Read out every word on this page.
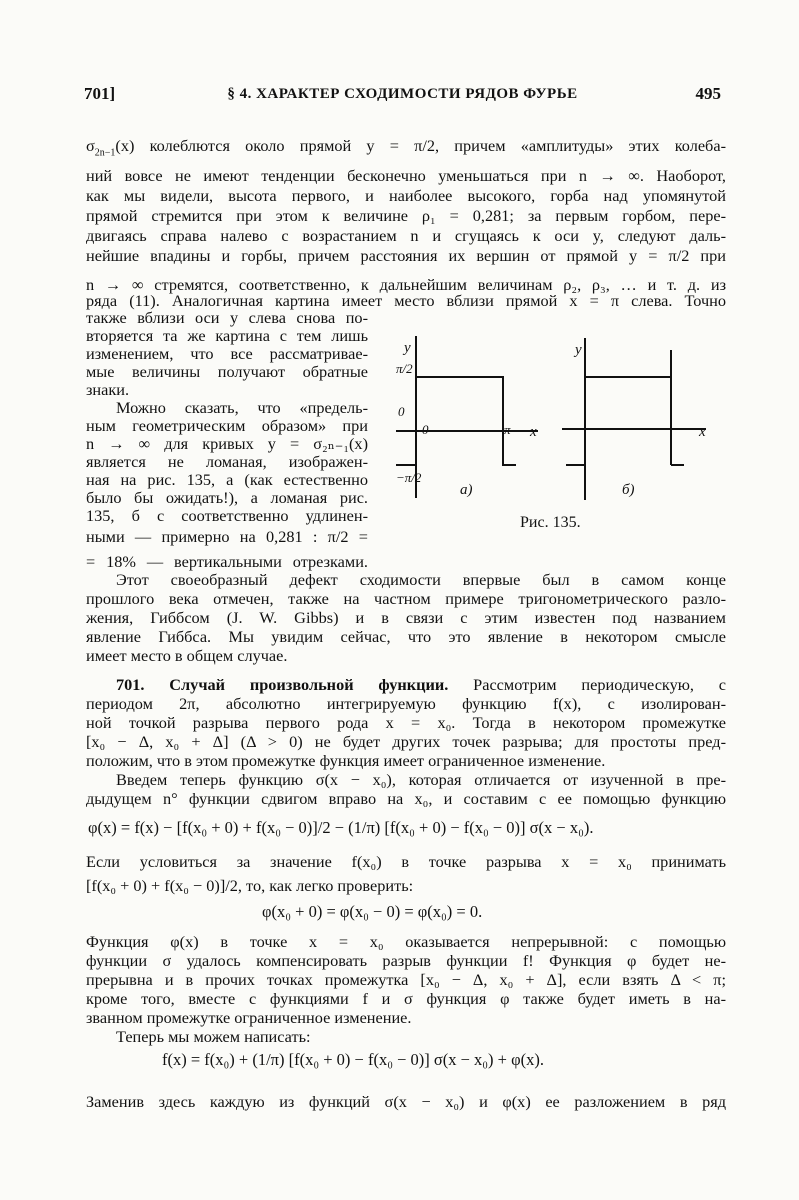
701]	§ 4. ХАРАКТЕР СХОДИМОСТИ РЯДОВ ФУРЬЕ	495
$\sigma_{2n-1}(x)$ колеблются около прямой y = π/2, причем «амплитуды» этих колеба-
ний вовсе не имеют тенденции бесконечно уменьшаться при n → ∞. Наоборот,
как мы видели, высота первого, и наиболее высокого, горба над упомянутой
прямой стремится при этом к величине ρ₁ = 0,281; за первым горбом, пере-
двигаясь справа налево с возрастанием n и сгущаясь к оси y, следуют даль-
нейшие впадины и горбы, причем расстояния их вершин от прямой y = π/2 при
n → ∞ стремятся, соответственно, к дальнейшим величинам ρ₂, ρ₃, … и т. д. из
ряда (11). Аналогичная картина имеет место вблизи прямой x = π слева. Точно
также вблизи оси y слева снова по-
вторяется та же картина с тем лишь
изменением, что все рассматривае-
мые величины получают обратные
знаки.
Можно сказать, что «предель-
ным геометрическим образом» при
n → ∞ для кривых y = σ₂ₙ₋₁(x)
является не ломаная, изображен-
ная на рис. 135, a (как естественно
было бы ожидать!), а ломаная рис.
135, б с соответственно удлинен-
ными — примерно на 0,281 : π/2 =
= 18% — вертикальными отрезками.
y
x
π/2
0
0	π
−π/2
а)
y
x
б)
Рис. 135.
Этот своеобразный дефект сходимости впервые был в самом конце
прошлого века отмечен, также на частном примере тригонометрического разло-
жения, Гиббсом (J. W. Gibbs) и в связи с этим известен под названием
явление Гиббса. Мы увидим сейчас, что это явление в некотором смысле
имеет место в общем случае.
701. Случай произвольной функции. Рассмотрим периодическую, с
периодом 2π, абсолютно интегрируемую функцию f(x), с изолирован-
ной точкой разрыва первого рода x = x₀. Тогда в некотором промежутке
[x₀ − Δ, x₀ + Δ] (Δ > 0) не будет других точек разрыва; для простоты пред-
положим, что в этом промежутке функция имеет ограниченное изменение.
Введем теперь функцию σ(x − x₀), которая отличается от изученной в пре-
дыдущем n° функции сдвигом вправо на x₀, и составим с ее помощью функцию
φ(x) = f(x) − [f(x₀ + 0) + f(x₀ − 0)]/2 − (1/π) [f(x₀ + 0) − f(x₀ − 0)] σ(x − x₀).
Если условиться за значение f(x₀) в точке разрыва x = x₀ принимать
[f(x₀ + 0) + f(x₀ − 0)]/2, то, как легко проверить:
φ(x₀ + 0) = φ(x₀ − 0) = φ(x₀) = 0.
Функция φ(x) в точке x = x₀ оказывается непрерывной: с помощью
функции σ удалось компенсировать разрыв функции f! Функция φ будет не-
прерывна и в прочих точках промежутка [x₀ − Δ, x₀ + Δ], если взять Δ < π;
кроме того, вместе с функциями f и σ функция φ также будет иметь в на-
званном промежутке ограниченное изменение.
Теперь мы можем написать:
f(x) = f(x₀) + (1/π) [f(x₀ + 0) − f(x₀ − 0)] σ(x − x₀) + φ(x).
Заменив здесь каждую из функций σ(x − x₀) и φ(x) ее разложением в ряд
